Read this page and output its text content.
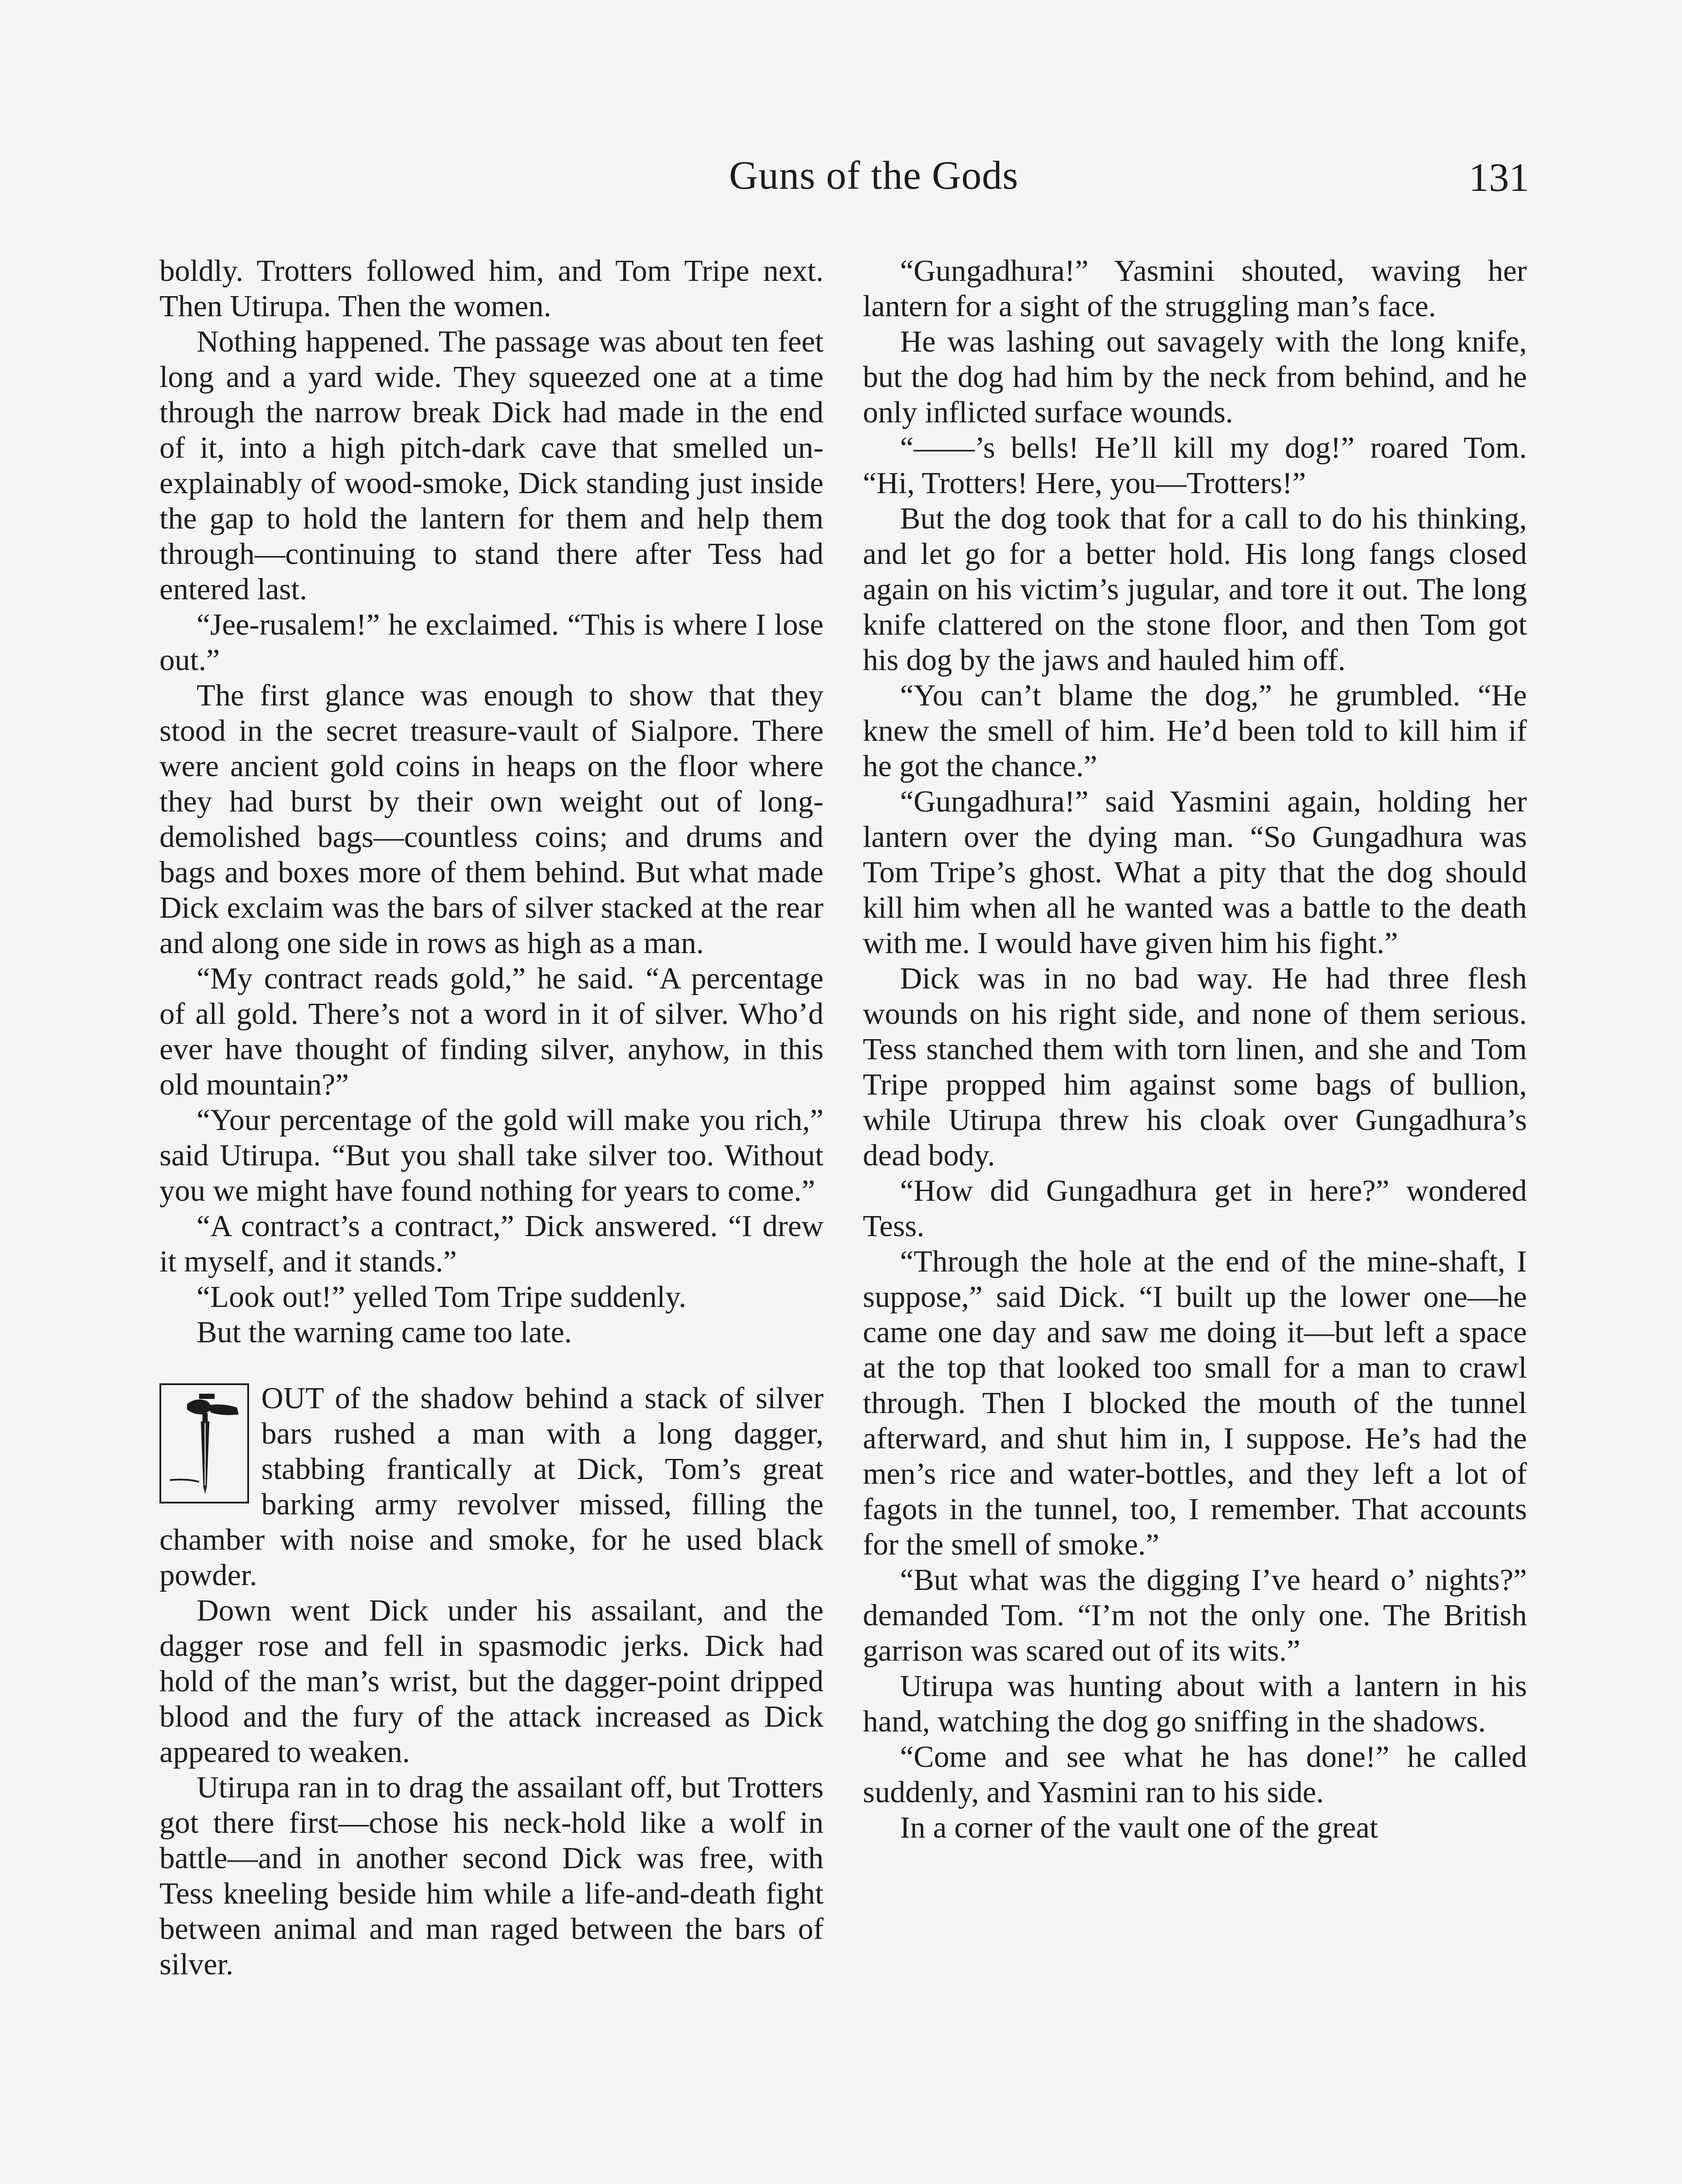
Guns of the Gods	131

boldly. Trotters followed him, and Tom Tripe next. Then Utirupa. Then the women.

Nothing happened. The passage was about ten feet long and a yard wide. They squeezed one at a time through the narrow break Dick had made in the end of it, into a high pitch-dark cave that smelled unexplainably of wood-smoke, Dick standing just inside the gap to hold the lantern for them and help them through—continuing to stand there after Tess had entered last.

“Jee-rusalem!” he exclaimed. “This is where I lose out.”

The first glance was enough to show that they stood in the secret treasure-vault of Sialpore. There were ancient gold coins in heaps on the floor where they had burst by their own weight out of long-demolished bags—countless coins; and drums and bags and boxes more of them behind. But what made Dick exclaim was the bars of silver stacked at the rear and along one side in rows as high as a man.

“My contract reads gold,” he said. “A percentage of all gold. There’s not a word in it of silver. Who’d ever have thought of finding silver, anyhow, in this old mountain?”

“Your percentage of the gold will make you rich,” said Utirupa. “But you shall take silver too. Without you we might have found nothing for years to come.”

“A contract’s a contract,” Dick answered. “I drew it myself, and it stands.”

“Look out!” yelled Tom Tripe suddenly.

But the warning came too late.

OUT of the shadow behind a stack of silver bars rushed a man with a long dagger, stabbing frantically at Dick, Tom’s great barking army revolver missed, filling the chamber with noise and smoke, for he used black powder.

Down went Dick under his assailant, and the dagger rose and fell in spasmodic jerks. Dick had hold of the man’s wrist, but the dagger-point dripped blood and the fury of the attack increased as Dick appeared to weaken.

Utirupa ran in to drag the assailant off, but Trotters got there first—chose his neck-hold like a wolf in battle—and in another second Dick was free, with Tess kneeling beside him while a life-and-death fight between animal and man raged between the bars of silver.

“Gungadhura!” Yasmini shouted, waving her lantern for a sight of the struggling man’s face.

He was lashing out savagely with the long knife, but the dog had him by the neck from behind, and he only inflicted surface wounds.

“——’s bells! He’ll kill my dog!” roared Tom. “Hi, Trotters! Here, you—Trotters!”

But the dog took that for a call to do his thinking, and let go for a better hold. His long fangs closed again on his victim’s jugular, and tore it out. The long knife clattered on the stone floor, and then Tom got his dog by the jaws and hauled him off.

“You can’t blame the dog,” he grumbled. “He knew the smell of him. He’d been told to kill him if he got the chance.”

“Gungadhura!” said Yasmini again, holding her lantern over the dying man. “So Gungadhura was Tom Tripe’s ghost. What a pity that the dog should kill him when all he wanted was a battle to the death with me. I would have given him his fight.”

Dick was in no bad way. He had three flesh wounds on his right side, and none of them serious. Tess stanched them with torn linen, and she and Tom Tripe propped him against some bags of bullion, while Utirupa threw his cloak over Gungadhura’s dead body.

“How did Gungadhura get in here?” wondered Tess.

“Through the hole at the end of the mine-shaft, I suppose,” said Dick. “I built up the lower one—he came one day and saw me doing it—but left a space at the top that looked too small for a man to crawl through. Then I blocked the mouth of the tunnel afterward, and shut him in, I suppose. He’s had the men’s rice and water-bottles, and they left a lot of fagots in the tunnel, too, I remember. That accounts for the smell of smoke.”

“But what was the digging I’ve heard o’ nights?” demanded Tom. “I’m not the only one. The British garrison was scared out of its wits.”

Utirupa was hunting about with a lantern in his hand, watching the dog go sniffing in the shadows.

“Come and see what he has done!” he called suddenly, and Yasmini ran to his side.

In a corner of the vault one of the great
